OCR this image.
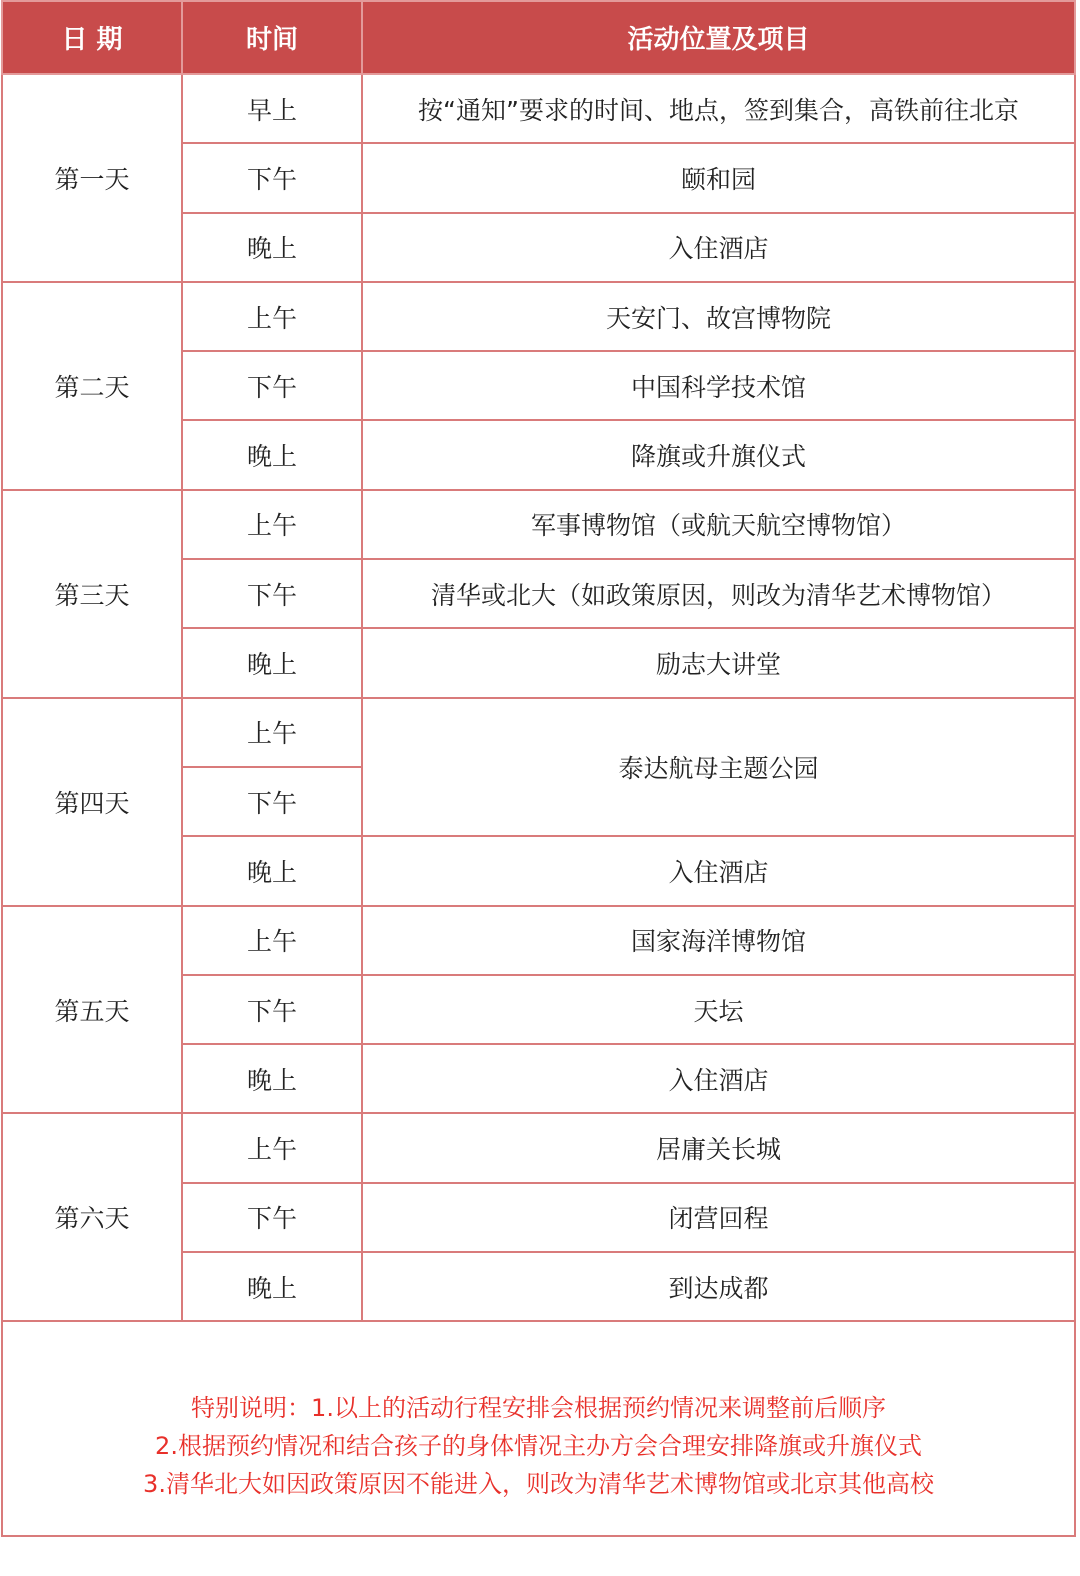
日 期	时间	活动位置及项目
第一天	早上	按“通知”要求的时间、地点，签到集合，高铁前往北京
	下午	颐和园
	晚上	入住酒店
第二天	上午	天安门、故宫博物院
	下午	中国科学技术馆
	晚上	降旗或升旗仪式
第三天	上午	军事博物馆（或航天航空博物馆）
	下午	清华或北大（如政策原因，则改为清华艺术博物馆）
	晚上	励志大讲堂
第四天	上午	泰达航母主题公园
	下午	
	晚上	入住酒店
第五天	上午	国家海洋博物馆
	下午	天坛
	晚上	入住酒店
第六天	上午	居庸关长城
	下午	闭营回程
	晚上	到达成都

特别说明：1.以上的活动行程安排会根据预约情况来调整前后顺序
2.根据预约情况和结合孩子的身体情况主办方会合理安排降旗或升旗仪式
3.清华北大如因政策原因不能进入，则改为清华艺术博物馆或北京其他高校		
